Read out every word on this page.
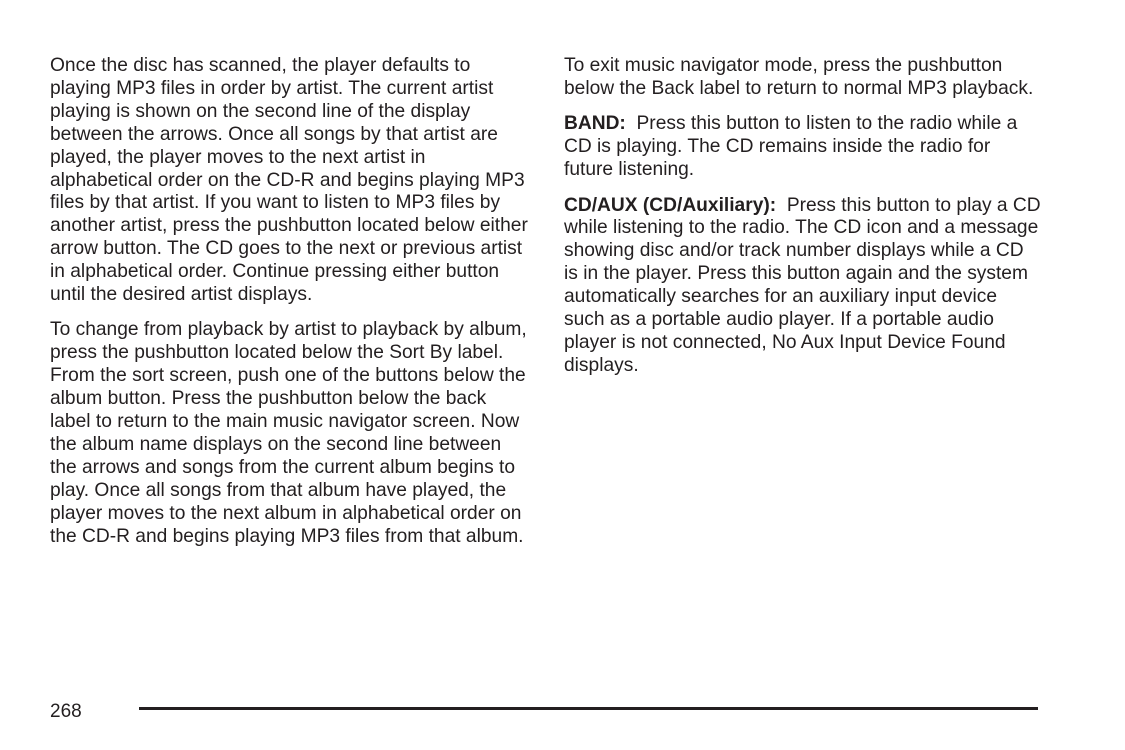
Once the disc has scanned, the player defaults to playing MP3 files in order by artist. The current artist playing is shown on the second line of the display between the arrows. Once all songs by that artist are played, the player moves to the next artist in alphabetical order on the CD-R and begins playing MP3 files by that artist. If you want to listen to MP3 files by another artist, press the pushbutton located below either arrow button. The CD goes to the next or previous artist in alphabetical order. Continue pressing either button until the desired artist displays.

To change from playback by artist to playback by album, press the pushbutton located below the Sort By label. From the sort screen, push one of the buttons below the album button. Press the pushbutton below the back label to return to the main music navigator screen. Now the album name displays on the second line between the arrows and songs from the current album begins to play. Once all songs from that album have played, the player moves to the next album in alphabetical order on the CD-R and begins playing MP3 files from that album.

To exit music navigator mode, press the pushbutton below the Back label to return to normal MP3 playback.

BAND: Press this button to listen to the radio while a CD is playing. The CD remains inside the radio for future listening.

CD/AUX (CD/Auxiliary): Press this button to play a CD while listening to the radio. The CD icon and a message showing disc and/or track number displays while a CD is in the player. Press this button again and the system automatically searches for an auxiliary input device such as a portable audio player. If a portable audio player is not connected, No Aux Input Device Found displays.

268
